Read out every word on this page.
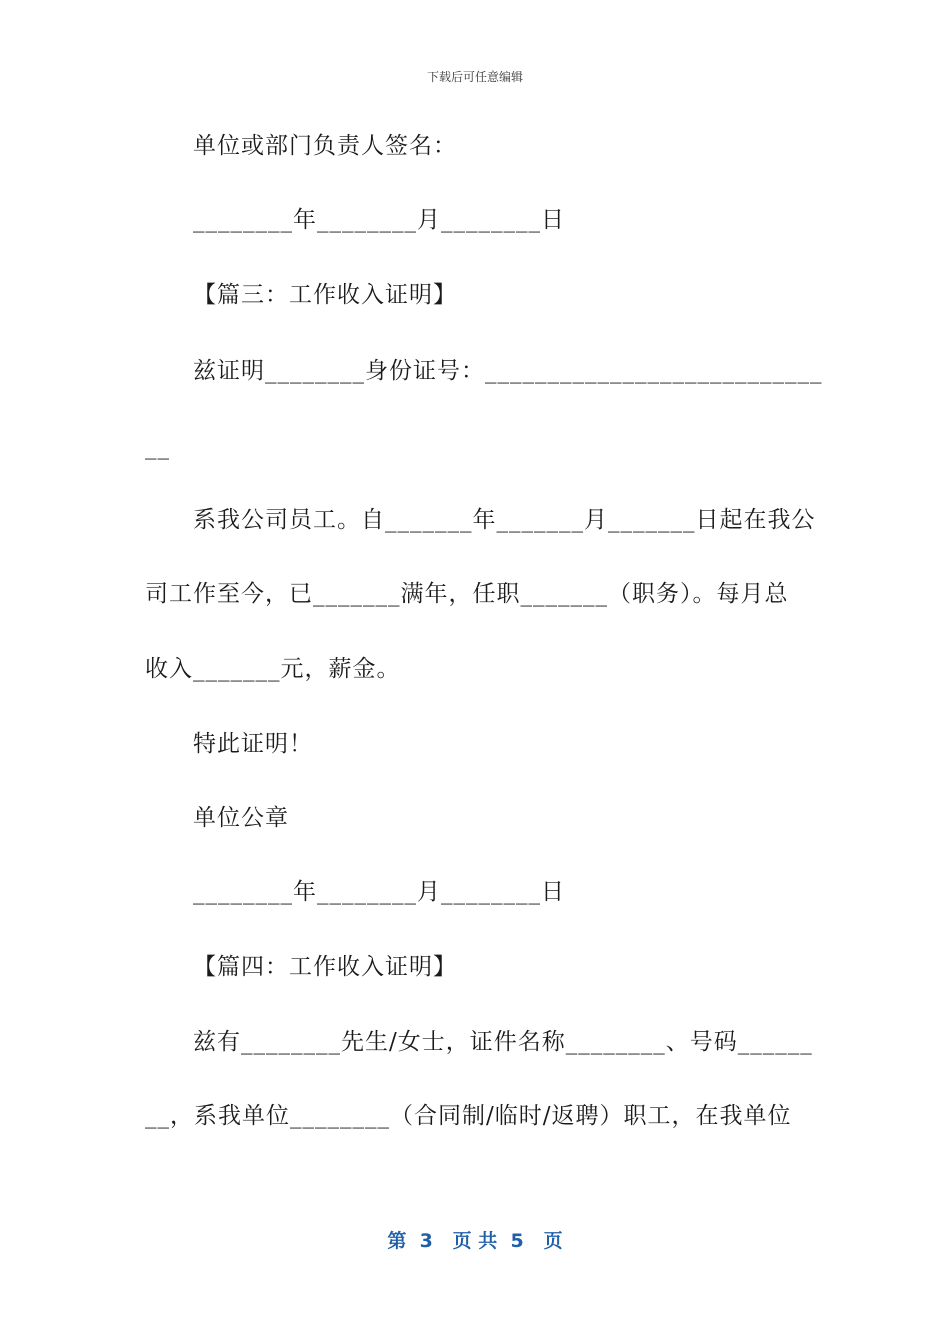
下载后可任意编辑
单位或部门负责人签名：
________年________月________日
【篇三：工作收入证明】
兹证明________身份证号：___________________________
__
系我公司员工。自_______年_______月_______日起在我公
司工作至今，已_______满年，任职_______（职务）。每月总
收入_______元，薪金。
特此证明！
单位公章
________年________月________日
【篇四：工作收入证明】
兹有________先生/女士，证件名称________、号码______
__，系我单位________（合同制/临时/返聘）职工，在我单位
第  3   页 共  5   页
